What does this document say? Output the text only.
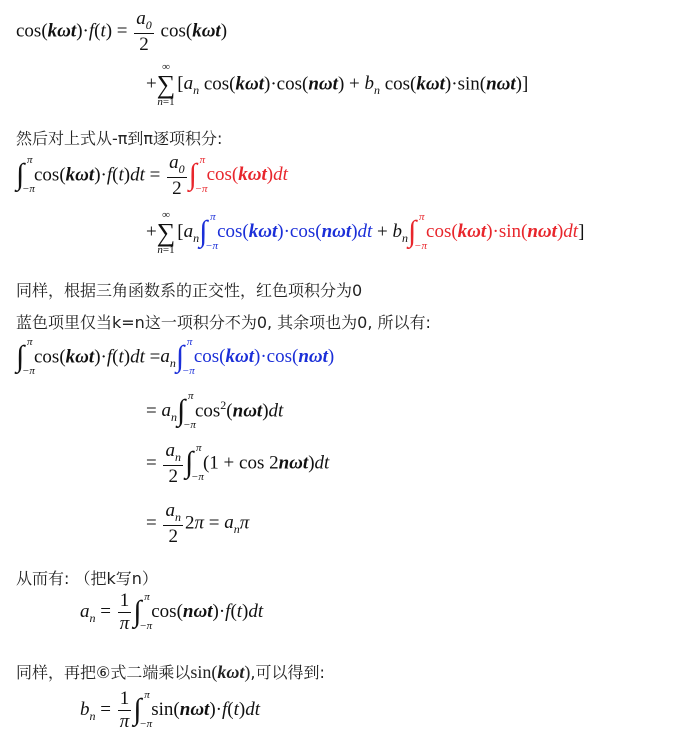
$\cos(k\omega t)\cdot f(t) = \frac{a_0}{2} \cos(k\omega t)$
+
∞
∑
n=1
[$a_n$ $\cos(k\omega t)\cdot\cos(n\omega t) + b_n$ cos(kωt)·sin(nωt)]
然后对上式从-π到π逐项积分:
∫ π
−π
$\cos(k\omega t)\cdot f(t)dt = \frac{a_0}{2}$ ∫ π
−π
cos(kωt)dt
+
∞
∑
n=1
[$a_n$ ∫ π
−π
$\cos(k\omega t)\cdot\cos(n\omega t)dt + b_n$ ∫ π
−π
cos(kωt)·sin(nωt)dt]
同样，根据三角函数系的正交性，红色项积分为0
蓝色项里仅当k=n这一项积分不为0, 其余项也为0, 所以有:
∫ π
−π
$\cos(k\omega t)\cdot f(t)dt =a_n$ ∫ π
−π
cos(kωt)·cos(nωt)
= $a_n$ ∫ π
−π
$\cos^2(n\omega t)dt$
= $\frac{a_n}{2}$ ∫ π
−π
(1 + cos 2nωt)dt
= $\frac{a_n}{2} 2\pi = a_n\pi$
从而有: （把k写n）
$a_n = \frac{1}{\pi}$ ∫ π
−π
cos(nωt)·f(t)dt
同样，再把⑥式二端乘以sin(kωt),可以得到:
$b_n = \frac{1}{\pi}$ ∫ π
−π
sin(nωt)·f(t)dt
